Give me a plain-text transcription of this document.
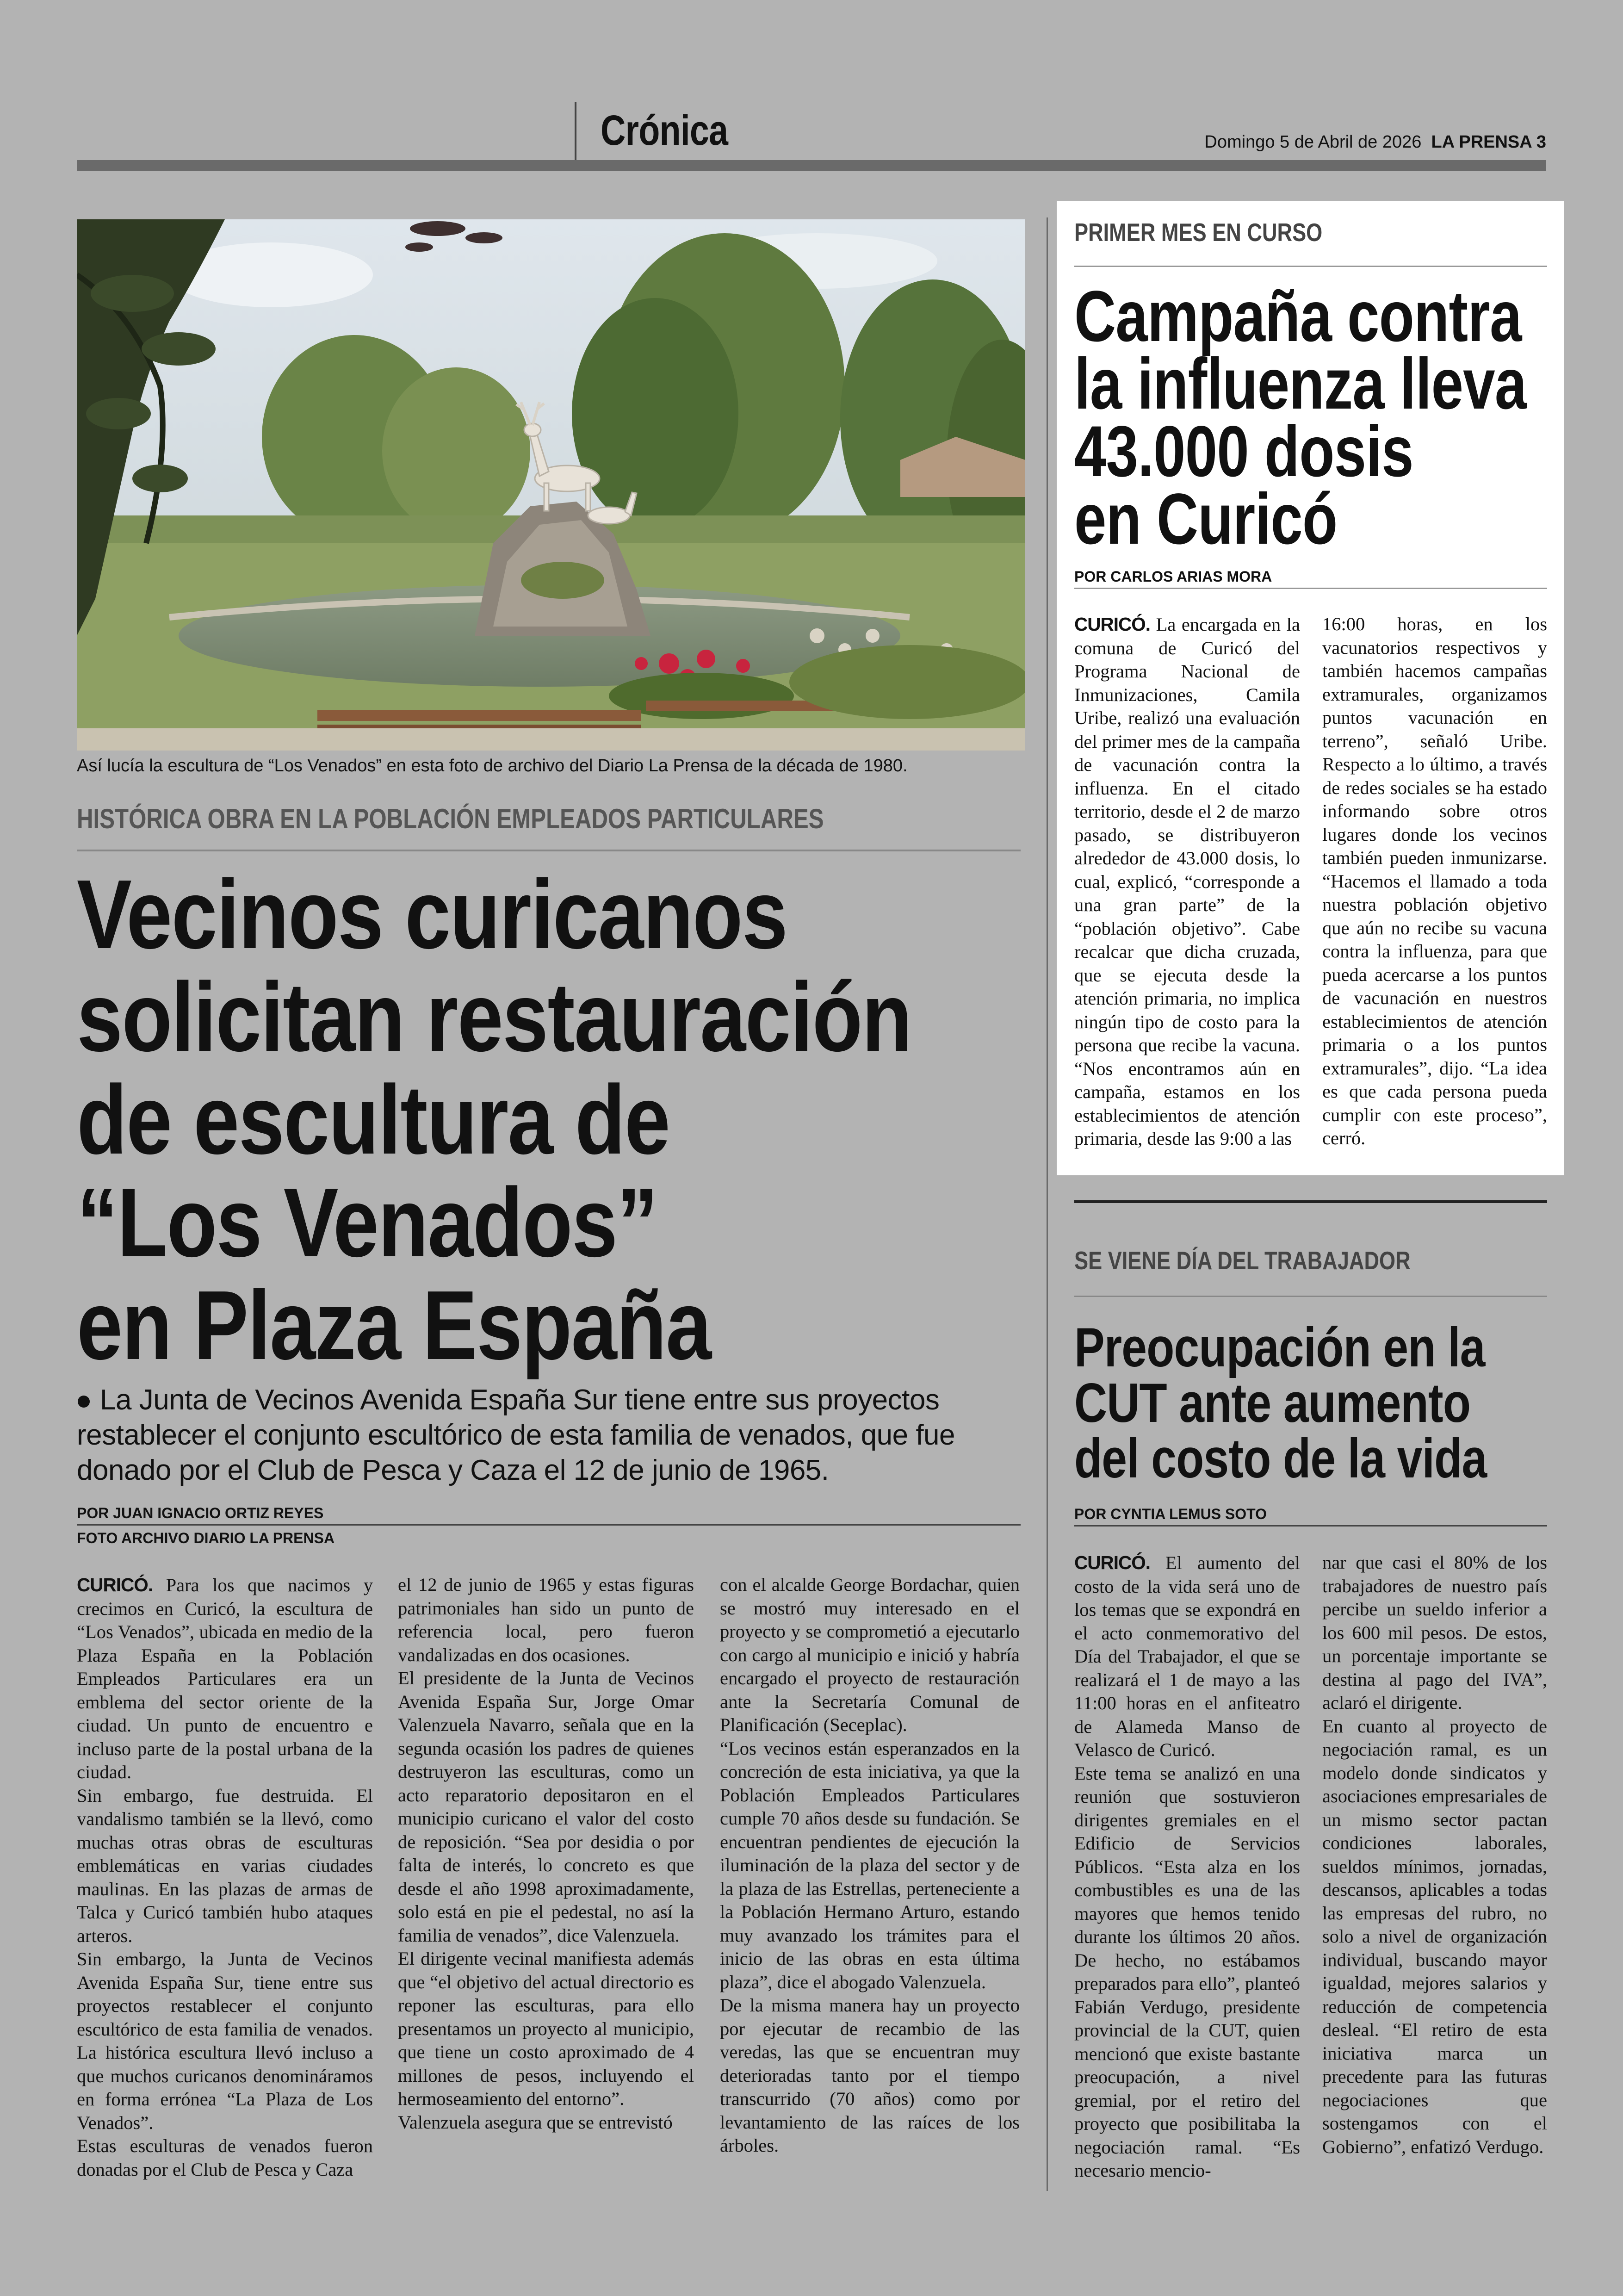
Crónica	Domingo 5 de Abril de 2026 LA PRENSA 3
Así lucía la escultura de “Los Venados” en esta foto de archivo del Diario La Prensa de la década de 1980.
HISTÓRICA OBRA EN LA POBLACIÓN EMPLEADOS PARTICULARES
Vecinos curicanos
solicitan restauración
de escultura de
“Los Venados”
en Plaza España
La Junta de Vecinos Avenida España Sur tiene entre sus proyectos restablecer el conjunto escultórico de esta familia de venados, que fue donado por el Club de Pesca y Caza el 12 de junio de 1965.
POR JUAN IGNACIO ORTIZ REYES
FOTO ARCHIVO DIARIO LA PRENSA

CURICÓ. Para los que nacimos y crecimos en Curicó, la escultura de “Los Venados”, ubicada en medio de la Plaza España en la Población Empleados Particulares era un emblema del sector oriente de la ciudad. Un punto de encuentro e incluso parte de la postal urbana de la ciudad.

Sin embargo, fue destruida. El vandalismo también se la llevó, como muchas otras obras de esculturas emblemáticas en varias ciudades maulinas. En las plazas de armas de Talca y Curicó también hubo ataques arteros.

Sin embargo, la Junta de Vecinos Avenida España Sur, tiene entre sus proyectos restablecer el conjunto escultórico de esta familia de venados. La histórica escultura llevó incluso a que muchos curicanos denomináramos en forma errónea “La Plaza de Los Venados”.

Estas esculturas de venados fueron donadas por el Club de Pesca y Caza

el 12 de junio de 1965 y estas figuras patrimoniales han sido un punto de referencia local, pero fueron vandalizadas en dos ocasiones.

El presidente de la Junta de Vecinos Avenida España Sur, Jorge Omar Valenzuela Navarro, señala que en la segunda ocasión los padres de quienes destruyeron las esculturas, como un acto reparatorio depositaron en el municipio curicano el valor del costo de reposición. “Sea por desidia o por falta de interés, lo concreto es que desde el año 1998 aproximadamente, solo está en pie el pedestal, no así la familia de venados”, dice Valenzuela.

El dirigente vecinal manifiesta además que “el objetivo del actual directorio es reponer las esculturas, para ello presentamos un proyecto al municipio, que tiene un costo aproximado de 4 millones de pesos, incluyendo el hermoseamiento del entorno”.

Valenzuela asegura que se entrevistó

con el alcalde George Bordachar, quien se mostró muy interesado en el proyecto y se comprometió a ejecutarlo con cargo al municipio e inició y habría encargado el proyecto de restauración ante la Secretaría Comunal de Planificación (Seceplac).

“Los vecinos están esperanzados en la concreción de esta iniciativa, ya que la Población Empleados Particulares cumple 70 años desde su fundación. Se encuentran pendientes de ejecución la iluminación de la plaza del sector y de la plaza de las Estrellas, perteneciente a la Población Hermano Arturo, estando muy avanzado los trámites para el inicio de las obras en esta última plaza”, dice el abogado Valenzuela.

De la misma manera hay un proyecto por ejecutar de recambio de las veredas, las que se encuentran muy deterioradas tanto por el tiempo transcurrido (70 años) como por levantamiento de las raíces de los árboles.

PRIMER MES EN CURSO
Campaña contra
la influenza lleva
43.000 dosis
en Curicó
POR CARLOS ARIAS MORA

CURICÓ. La encargada en la comuna de Curicó del Programa Nacional de Inmunizaciones, Camila Uribe, realizó una evaluación del primer mes de la campaña de vacunación contra la influenza. En el citado territorio, desde el 2 de marzo pasado, se distribuyeron alrededor de 43.000 dosis, lo cual, explicó, “corresponde a una gran parte” de la “población objetivo”. Cabe recalcar que dicha cruzada, que se ejecuta desde la atención primaria, no implica ningún tipo de costo para la persona que recibe la vacuna. “Nos encontramos aún en campaña, estamos en los establecimientos de atención primaria, desde las 9:00 a las

16:00 horas, en los vacunatorios respectivos y también hacemos campañas extramurales, organizamos puntos vacunación en terreno”, señaló Uribe. Respecto a lo último, a través de redes sociales se ha estado informando sobre otros lugares donde los vecinos también pueden inmunizarse. “Hacemos el llamado a toda nuestra población objetivo que aún no recibe su vacuna contra la influenza, para que pueda acercarse a los puntos de vacunación en nuestros establecimientos de atención primaria o a los puntos extramurales”, dijo. “La idea es que cada persona pueda cumplir con este proceso”, cerró.

SE VIENE DÍA DEL TRABAJADOR
Preocupación en la
CUT ante aumento
del costo de la vida
POR CYNTIA LEMUS SOTO

CURICÓ. El aumento del costo de la vida será uno de los temas que se expondrá en el acto conmemorativo del Día del Trabajador, el que se realizará el 1 de mayo a las 11:00 horas en el anfiteatro de Alameda Manso de Velasco de Curicó.

Este tema se analizó en una reunión que sostuvieron dirigentes gremiales en el Edificio de Servicios Públicos. “Esta alza en los combustibles es una de las mayores que hemos tenido durante los últimos 20 años. De hecho, no estábamos preparados para ello”, planteó Fabián Verdugo, presidente provincial de la CUT, quien mencionó que existe bastante preocupación, a nivel gremial, por el retiro del proyecto que posibilitaba la negociación ramal. “Es necesario mencio-

nar que casi el 80% de los trabajadores de nuestro país percibe un sueldo inferior a los 600 mil pesos. De estos, un porcentaje importante se destina al pago del IVA”, aclaró el dirigente.

En cuanto al proyecto de negociación ramal, es un modelo donde sindicatos y asociaciones empresariales de un mismo sector pactan condiciones laborales, sueldos mínimos, jornadas, descansos, aplicables a todas las empresas del rubro, no solo a nivel de organización individual, buscando mayor igualdad, mejores salarios y reducción de competencia desleal. “El retiro de esta iniciativa marca un precedente para las futuras negociaciones que sostengamos con el Gobierno”, enfatizó Verdugo.
